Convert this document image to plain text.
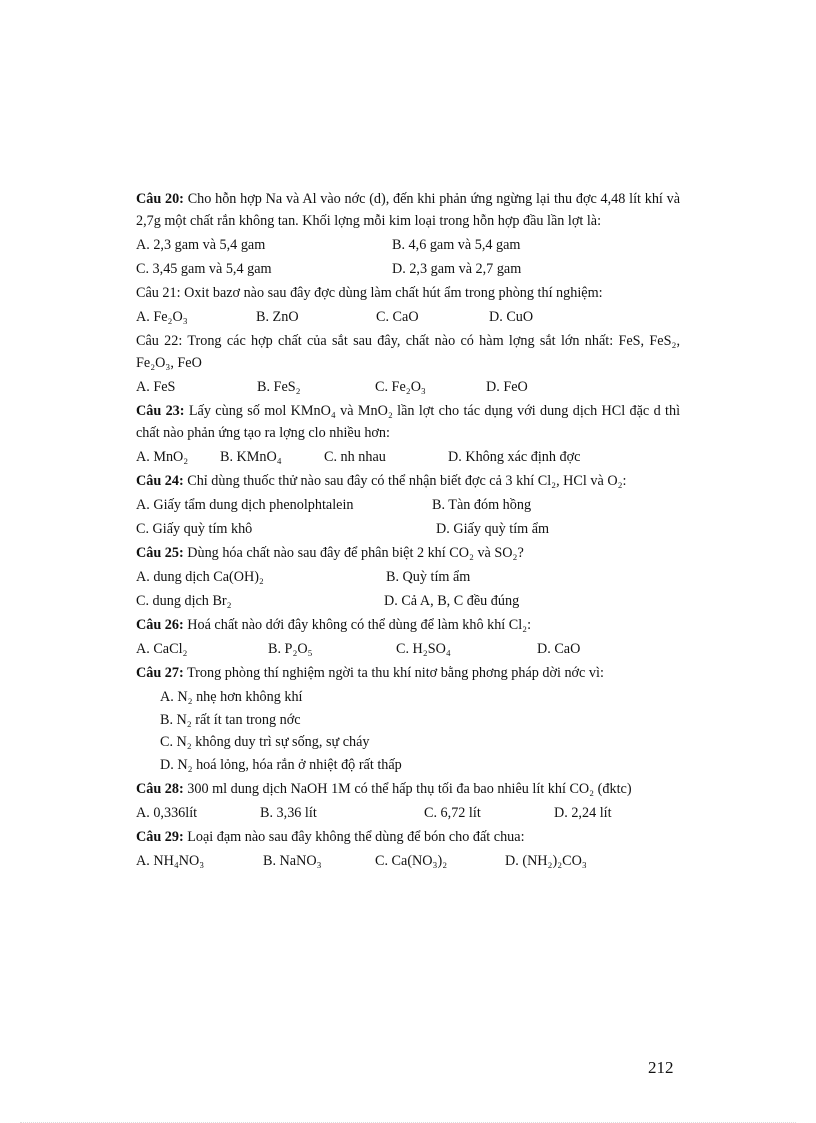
Câu 20: Cho hỗn hợp Na và Al vào nớc (d), đến khi phản ứng ngừng lại thu đợc 4,48 lít khí và 2,7g một chất rắn không tan. Khối lợng mỗi kim loại trong hỗn hợp đầu lần lợt là:
A. 2,3 gam và 5,4 gam	B. 4,6 gam và 5,4 gam
C. 3,45 gam và 5,4 gam	D. 2,3 gam và 2,7 gam
Câu 21: Oxit bazơ nào sau đây đợc dùng làm chất hút ẩm trong phòng thí nghiệm:
A. Fe₂O₃	B. ZnO	C. CaO	D. CuO
Câu 22: Trong các hợp chất của sắt sau đây, chất nào có hàm lợng sắt lớn nhất: FeS, FeS₂, Fe₂O₃, FeO
A. FeS	B. FeS₂	C. Fe₂O₃	D. FeO
Câu 23: Lấy cùng số mol KMnO₄ và MnO₂ lần lợt cho tác dụng với dung dịch HCl đặc d thì chất nào phản ứng tạo ra lợng clo nhiều hơn:
A. MnO₂	B. KMnO₄	C. nh nhau	D. Không xác định đợc
Câu 24: Chỉ dùng thuốc thử nào sau đây có thể nhận biết đợc cả 3 khí Cl₂, HCl và O₂:
A. Giấy tẩm dung dịch phenolphtalein	B. Tàn đóm hồng
C. Giấy quỳ tím khô	D. Giấy quỳ tím ẩm
Câu 25: Dùng hóa chất nào sau đây để phân biệt 2 khí CO₂ và SO₂?
A. dung dịch Ca(OH)₂	B. Quỳ tím ẩm
C. dung dịch Br₂	D. Cả A, B, C đều đúng
Câu 26: Hoá chất nào dới đây không có thể dùng để làm khô khí Cl₂:
A. CaCl₂	B. P₂O₅	C. H₂SO₄	D. CaO
Câu 27: Trong phòng thí nghiệm ngời ta thu khí nitơ bằng phơng pháp dời nớc vì:
A. N₂ nhẹ hơn không khí
B. N₂ rất ít tan trong nớc
C. N₂ không duy trì sự sống, sự cháy
D. N₂ hoá lỏng, hóa rắn ở nhiệt độ rất thấp
Câu 28: 300 ml dung dịch NaOH 1M có thể hấp thụ tối đa bao nhiêu lít khí CO₂ (đktc)
A. 0,336lít	B. 3,36 lít	C. 6,72 lít	D. 2,24 lít
Câu 29: Loại đạm nào sau đây không thể dùng để bón cho đất chua:
A. NH₄NO₃	B. NaNO₃	C. Ca(NO₃)₂	D. (NH₂)₂CO₃
212
